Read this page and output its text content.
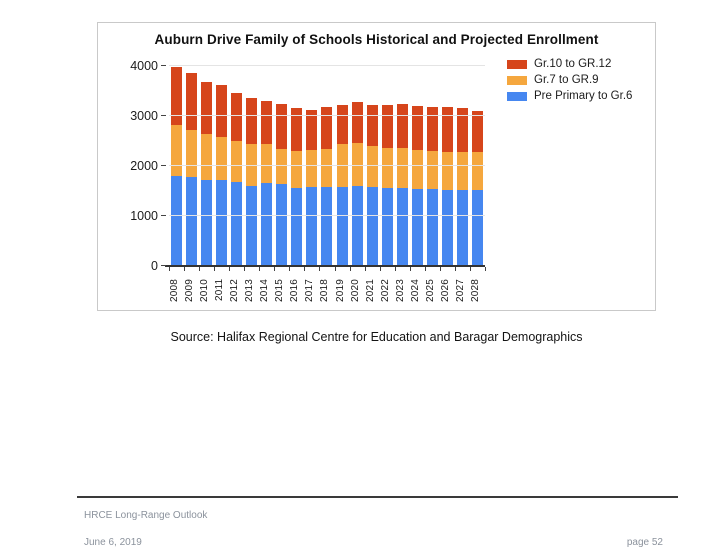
Auburn Drive Family of Schools Historical and Projected Enrollment
0
1000
2000
3000
4000
2008 2009 2010 2011 2012 2013 2014 2015 2016 2017 2018 2019 2020 2021 2022 2023 2024 2025 2026 2027 2028
Gr.10 to GR.12
Gr.7 to GR.9
Pre Primary to Gr.6
Source: Halifax Regional Centre for Education and Baragar Demographics
HRCE Long-Range Outlook
June 6, 2019	page 52
